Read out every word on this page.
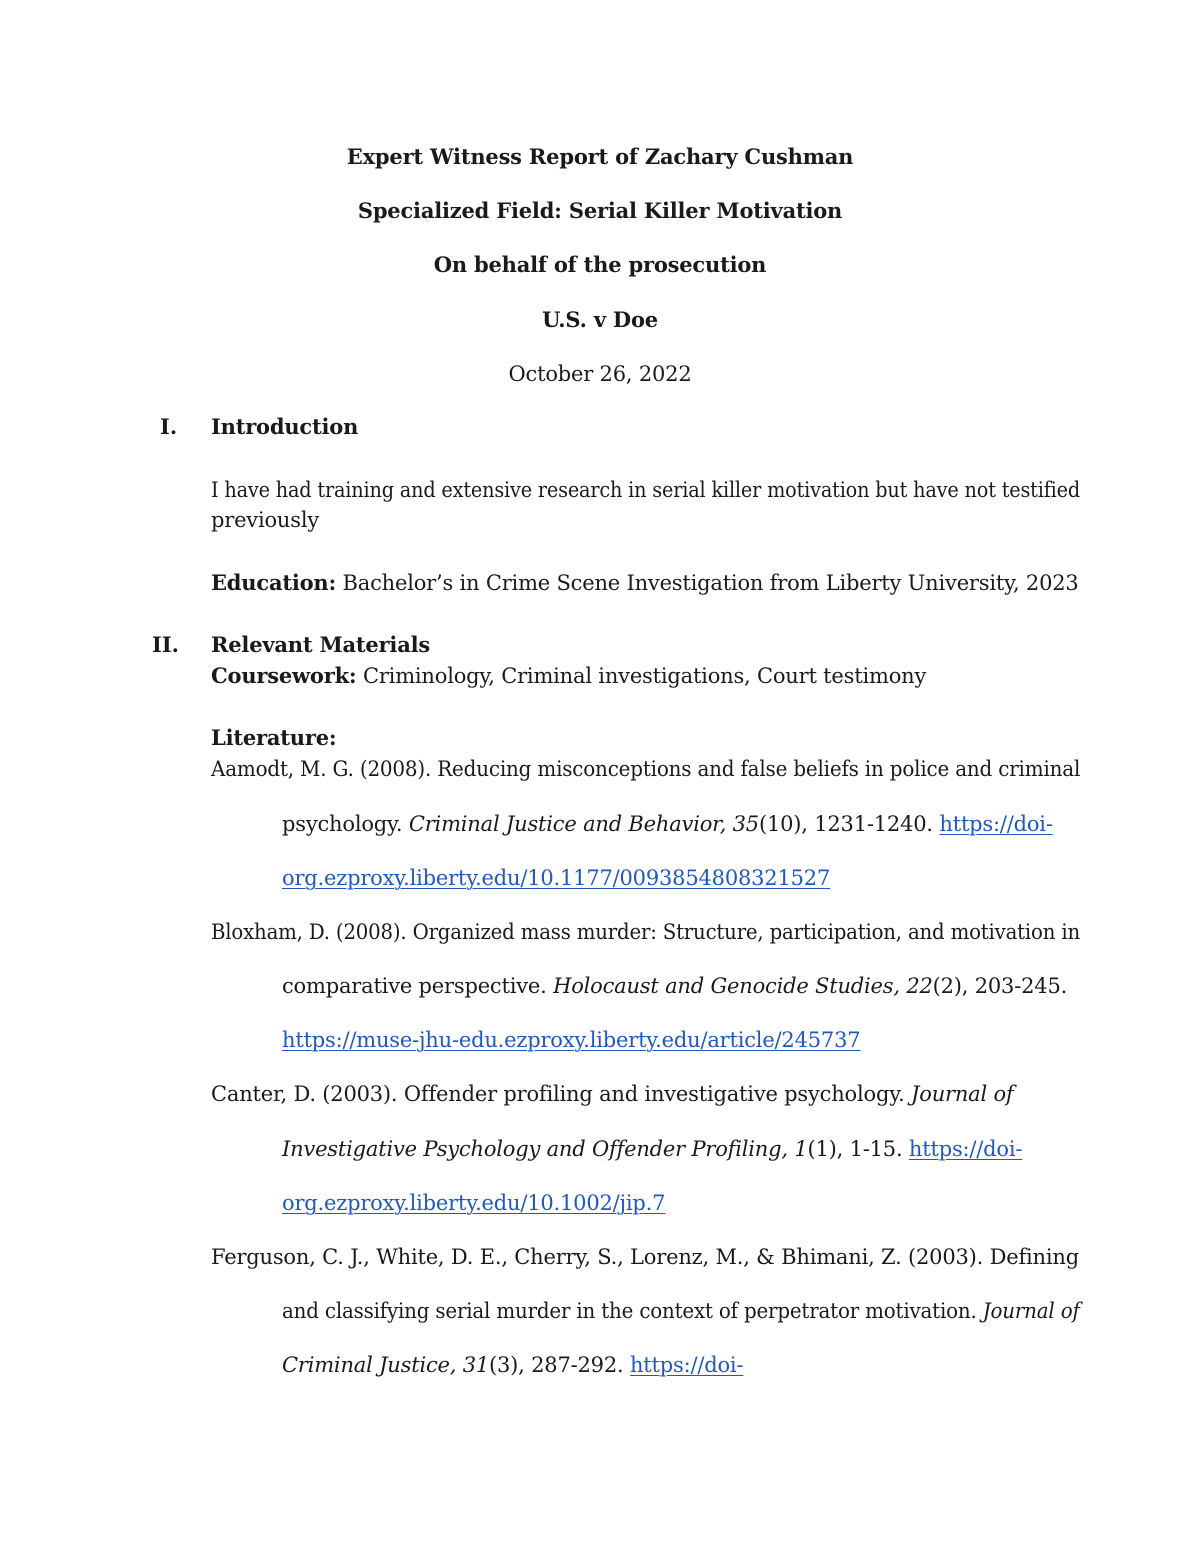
Expert Witness Report of Zachary Cushman
Specialized Field: Serial Killer Motivation
On behalf of the prosecution
U.S. v Doe
October 26, 2022
I. Introduction
I have had training and extensive research in serial killer motivation but have not testified
previously
Education: Bachelor’s in Crime Scene Investigation from Liberty University, 2023
II. Relevant Materials
Coursework: Criminology, Criminal investigations, Court testimony
Literature:
Aamodt, M. G. (2008). Reducing misconceptions and false beliefs in police and criminal
psychology. Criminal Justice and Behavior, 35(10), 1231-1240. https://doi-
org.ezproxy.liberty.edu/10.1177/0093854808321527
Bloxham, D. (2008). Organized mass murder: Structure, participation, and motivation in
comparative perspective. Holocaust and Genocide Studies, 22(2), 203-245.
https://muse-jhu-edu.ezproxy.liberty.edu/article/245737
Canter, D. (2003). Offender profiling and investigative psychology. Journal of
Investigative Psychology and Offender Profiling, 1(1), 1-15. https://doi-
org.ezproxy.liberty.edu/10.1002/jip.7
Ferguson, C. J., White, D. E., Cherry, S., Lorenz, M., & Bhimani, Z. (2003). Defining
and classifying serial murder in the context of perpetrator motivation. Journal of
Criminal Justice, 31(3), 287-292. https://doi-
